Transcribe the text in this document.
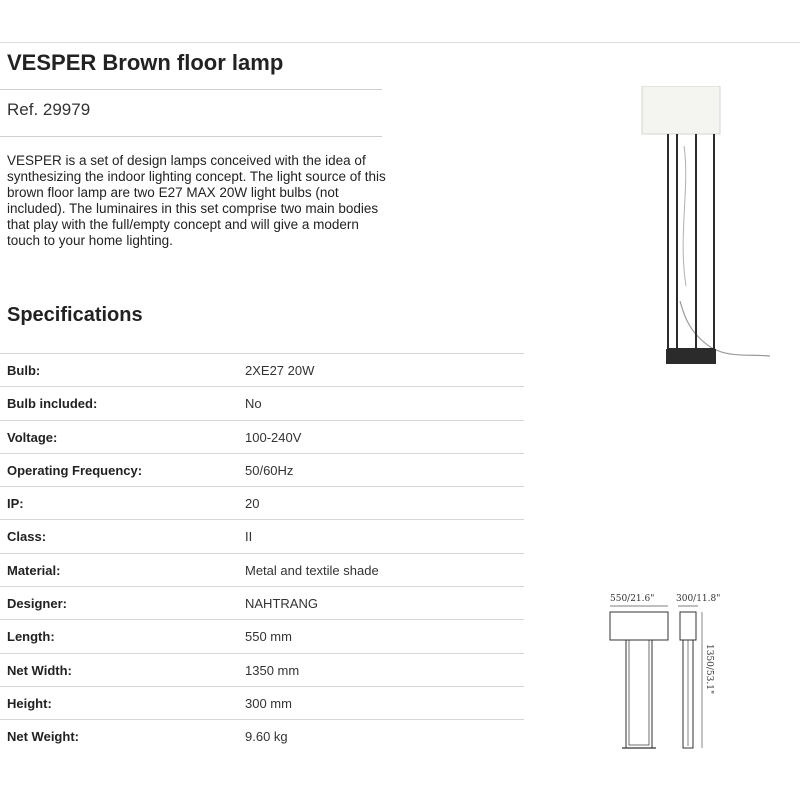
VESPER Brown floor lamp
Ref. 29979

VESPER is a set of design lamps conceived with the idea of synthesizing the indoor lighting concept. The light source of this brown floor lamp are two E27 MAX 20W light bulbs (not included). The luminaires in this set comprise two main bodies that play with the full/empty concept and will give a modern touch to your home lighting.

Specifications
Bulb:	2XE27 20W
Bulb included:	No
Voltage:	100-240V
Operating Frequency:	50/60Hz
IP:	20
Class:	II
Material:	Metal and textile shade
Designer:	NAHTRANG
Length:	550 mm
Net Width:	1350 mm
Height:	300 mm
Net Weight:	9.60 kg
550/21.6" 300/11.8"
1350/53.1"
